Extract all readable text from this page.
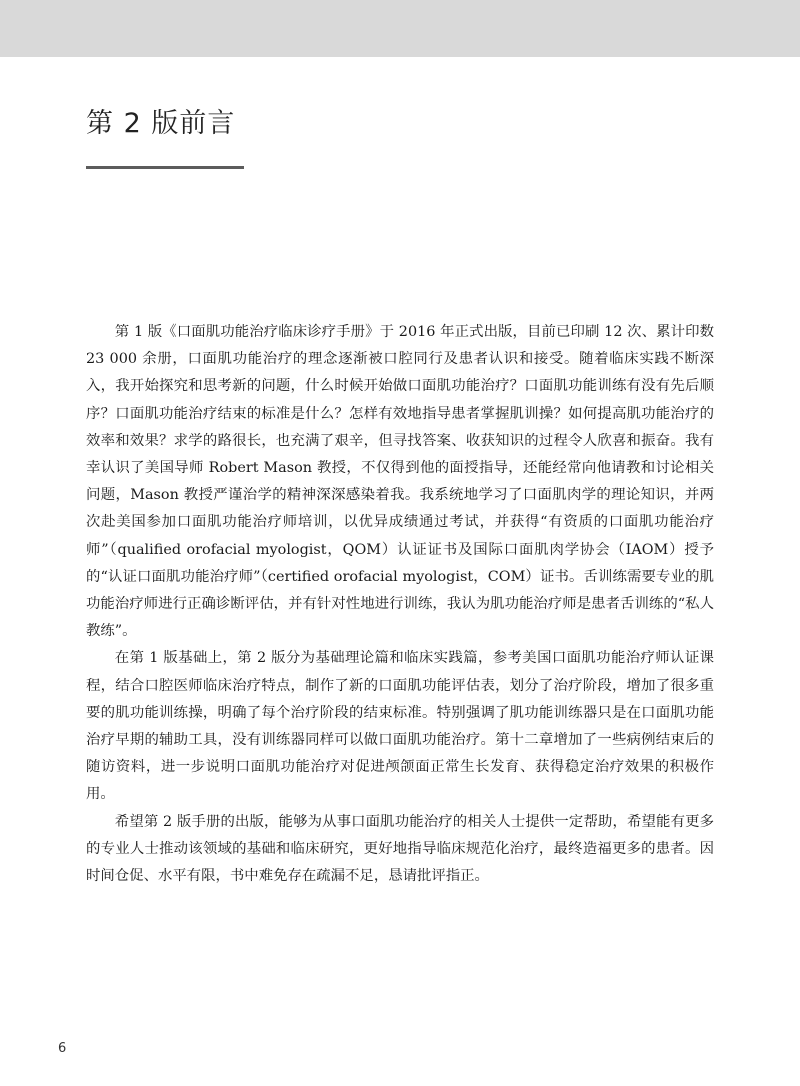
第 2 版前言

第 1 版《口面肌功能治疗临床诊疗手册》于 2016 年正式出版，目前已印刷 12 次、累计印数 23 000 余册，口面肌功能治疗的理念逐渐被口腔同行及患者认识和接受。随着临床实践不断深入，我开始探究和思考新的问题，什么时候开始做口面肌功能治疗？口面肌功能训练有没有先后顺序？口面肌功能治疗结束的标准是什么？怎样有效地指导患者掌握肌训操？如何提高肌功能治疗的效率和效果？求学的路很长，也充满了艰辛，但寻找答案、收获知识的过程令人欣喜和振奋。我有幸认识了美国导师 Robert Mason 教授，不仅得到他的面授指导，还能经常向他请教和讨论相关问题，Mason 教授严谨治学的精神深深感染着我。我系统地学习了口面肌肉学的理论知识，并两次赴美国参加口面肌功能治疗师培训，以优异成绩通过考试，并获得“有资质的口面肌功能治疗师”（qualified orofacial myologist，QOM）认证证书及国际口面肌肉学协会（IAOM）授予的“认证口面肌功能治疗师”（certified orofacial myologist，COM）证书。舌训练需要专业的肌功能治疗师进行正确诊断评估，并有针对性地进行训练，我认为肌功能治疗师是患者舌训练的“私人教练”。

在第 1 版基础上，第 2 版分为基础理论篇和临床实践篇，参考美国口面肌功能治疗师认证课程，结合口腔医师临床治疗特点，制作了新的口面肌功能评估表，划分了治疗阶段，增加了很多重要的肌功能训练操，明确了每个治疗阶段的结束标准。特别强调了肌功能训练器只是在口面肌功能治疗早期的辅助工具，没有训练器同样可以做口面肌功能治疗。第十二章增加了一些病例结束后的随访资料，进一步说明口面肌功能治疗对促进颅颌面正常生长发育、获得稳定治疗效果的积极作用。

希望第 2 版手册的出版，能够为从事口面肌功能治疗的相关人士提供一定帮助，希望能有更多的专业人士推动该领域的基础和临床研究，更好地指导临床规范化治疗，最终造福更多的患者。因时间仓促、水平有限，书中难免存在疏漏不足，恳请批评指正。

6
